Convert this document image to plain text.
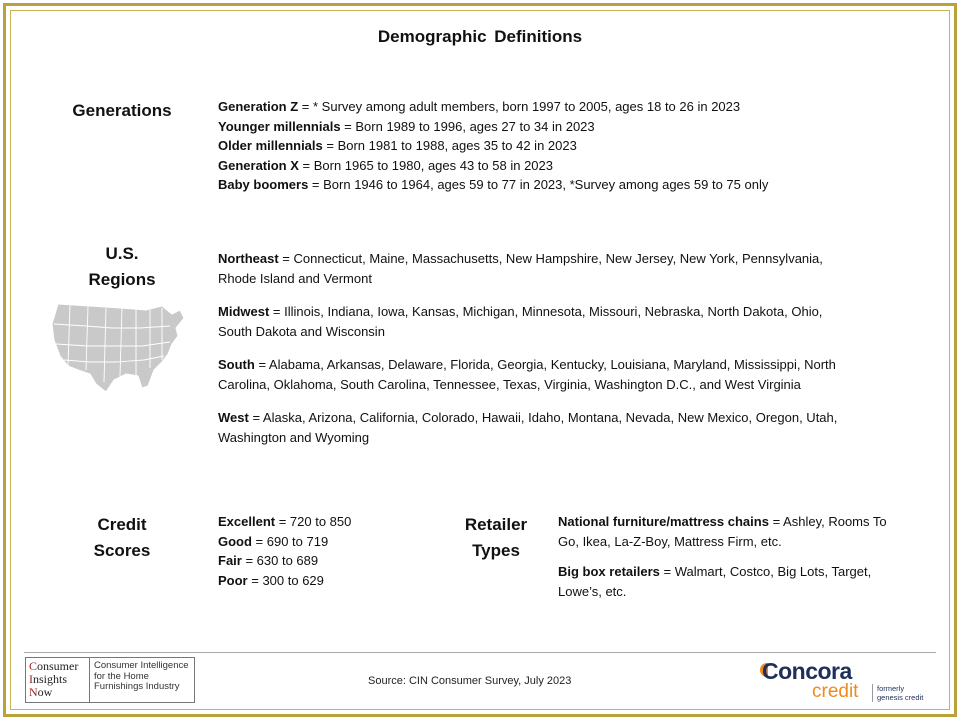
Demographic Definitions
Generations	Generation Z = * Survey among adult members, born 1997 to 2005, ages 18 to 26 in 2023
Younger millennials = Born 1989 to 1996, ages 27 to 34 in 2023
Older millennials = Born 1981 to 1988, ages 35 to 42 in 2023
Generation X = Born 1965 to 1980, ages 43 to 58 in 2023
Baby boomers = Born 1946 to 1964, ages 59 to 77 in 2023, *Survey among ages 59 to 75 only
U.S.
Regions
Northeast = Connecticut, Maine, Massachusetts, New Hampshire, New Jersey, New York, Pennsylvania, Rhode Island and Vermont
Midwest = Illinois, Indiana, Iowa, Kansas, Michigan, Minnesota, Missouri, Nebraska, North Dakota, Ohio, South Dakota and Wisconsin
South = Alabama, Arkansas, Delaware, Florida, Georgia, Kentucky, Louisiana, Maryland, Mississippi, North Carolina, Oklahoma, South Carolina, Tennessee, Texas, Virginia, Washington D.C., and West Virginia
West = Alaska, Arizona, California, Colorado, Hawaii, Idaho, Montana, Nevada, New Mexico, Oregon, Utah, Washington and Wyoming
Credit
Scores
Excellent = 720 to 850
Good = 690 to 719
Fair = 630 to 689
Poor = 300 to 629
Retailer
Types
National furniture/mattress chains = Ashley, Rooms To Go, Ikea, La-Z-Boy, Mattress Firm, etc.
Big box retailers = Walmart, Costco, Big Lots, Target, Lowe’s, etc.
Consumer
Insights
Now
Consumer Intelligence
for the Home
Furnishings Industry	Source: CIN Consumer Survey, July 2023	Concora
credit formerly
genesis credit
